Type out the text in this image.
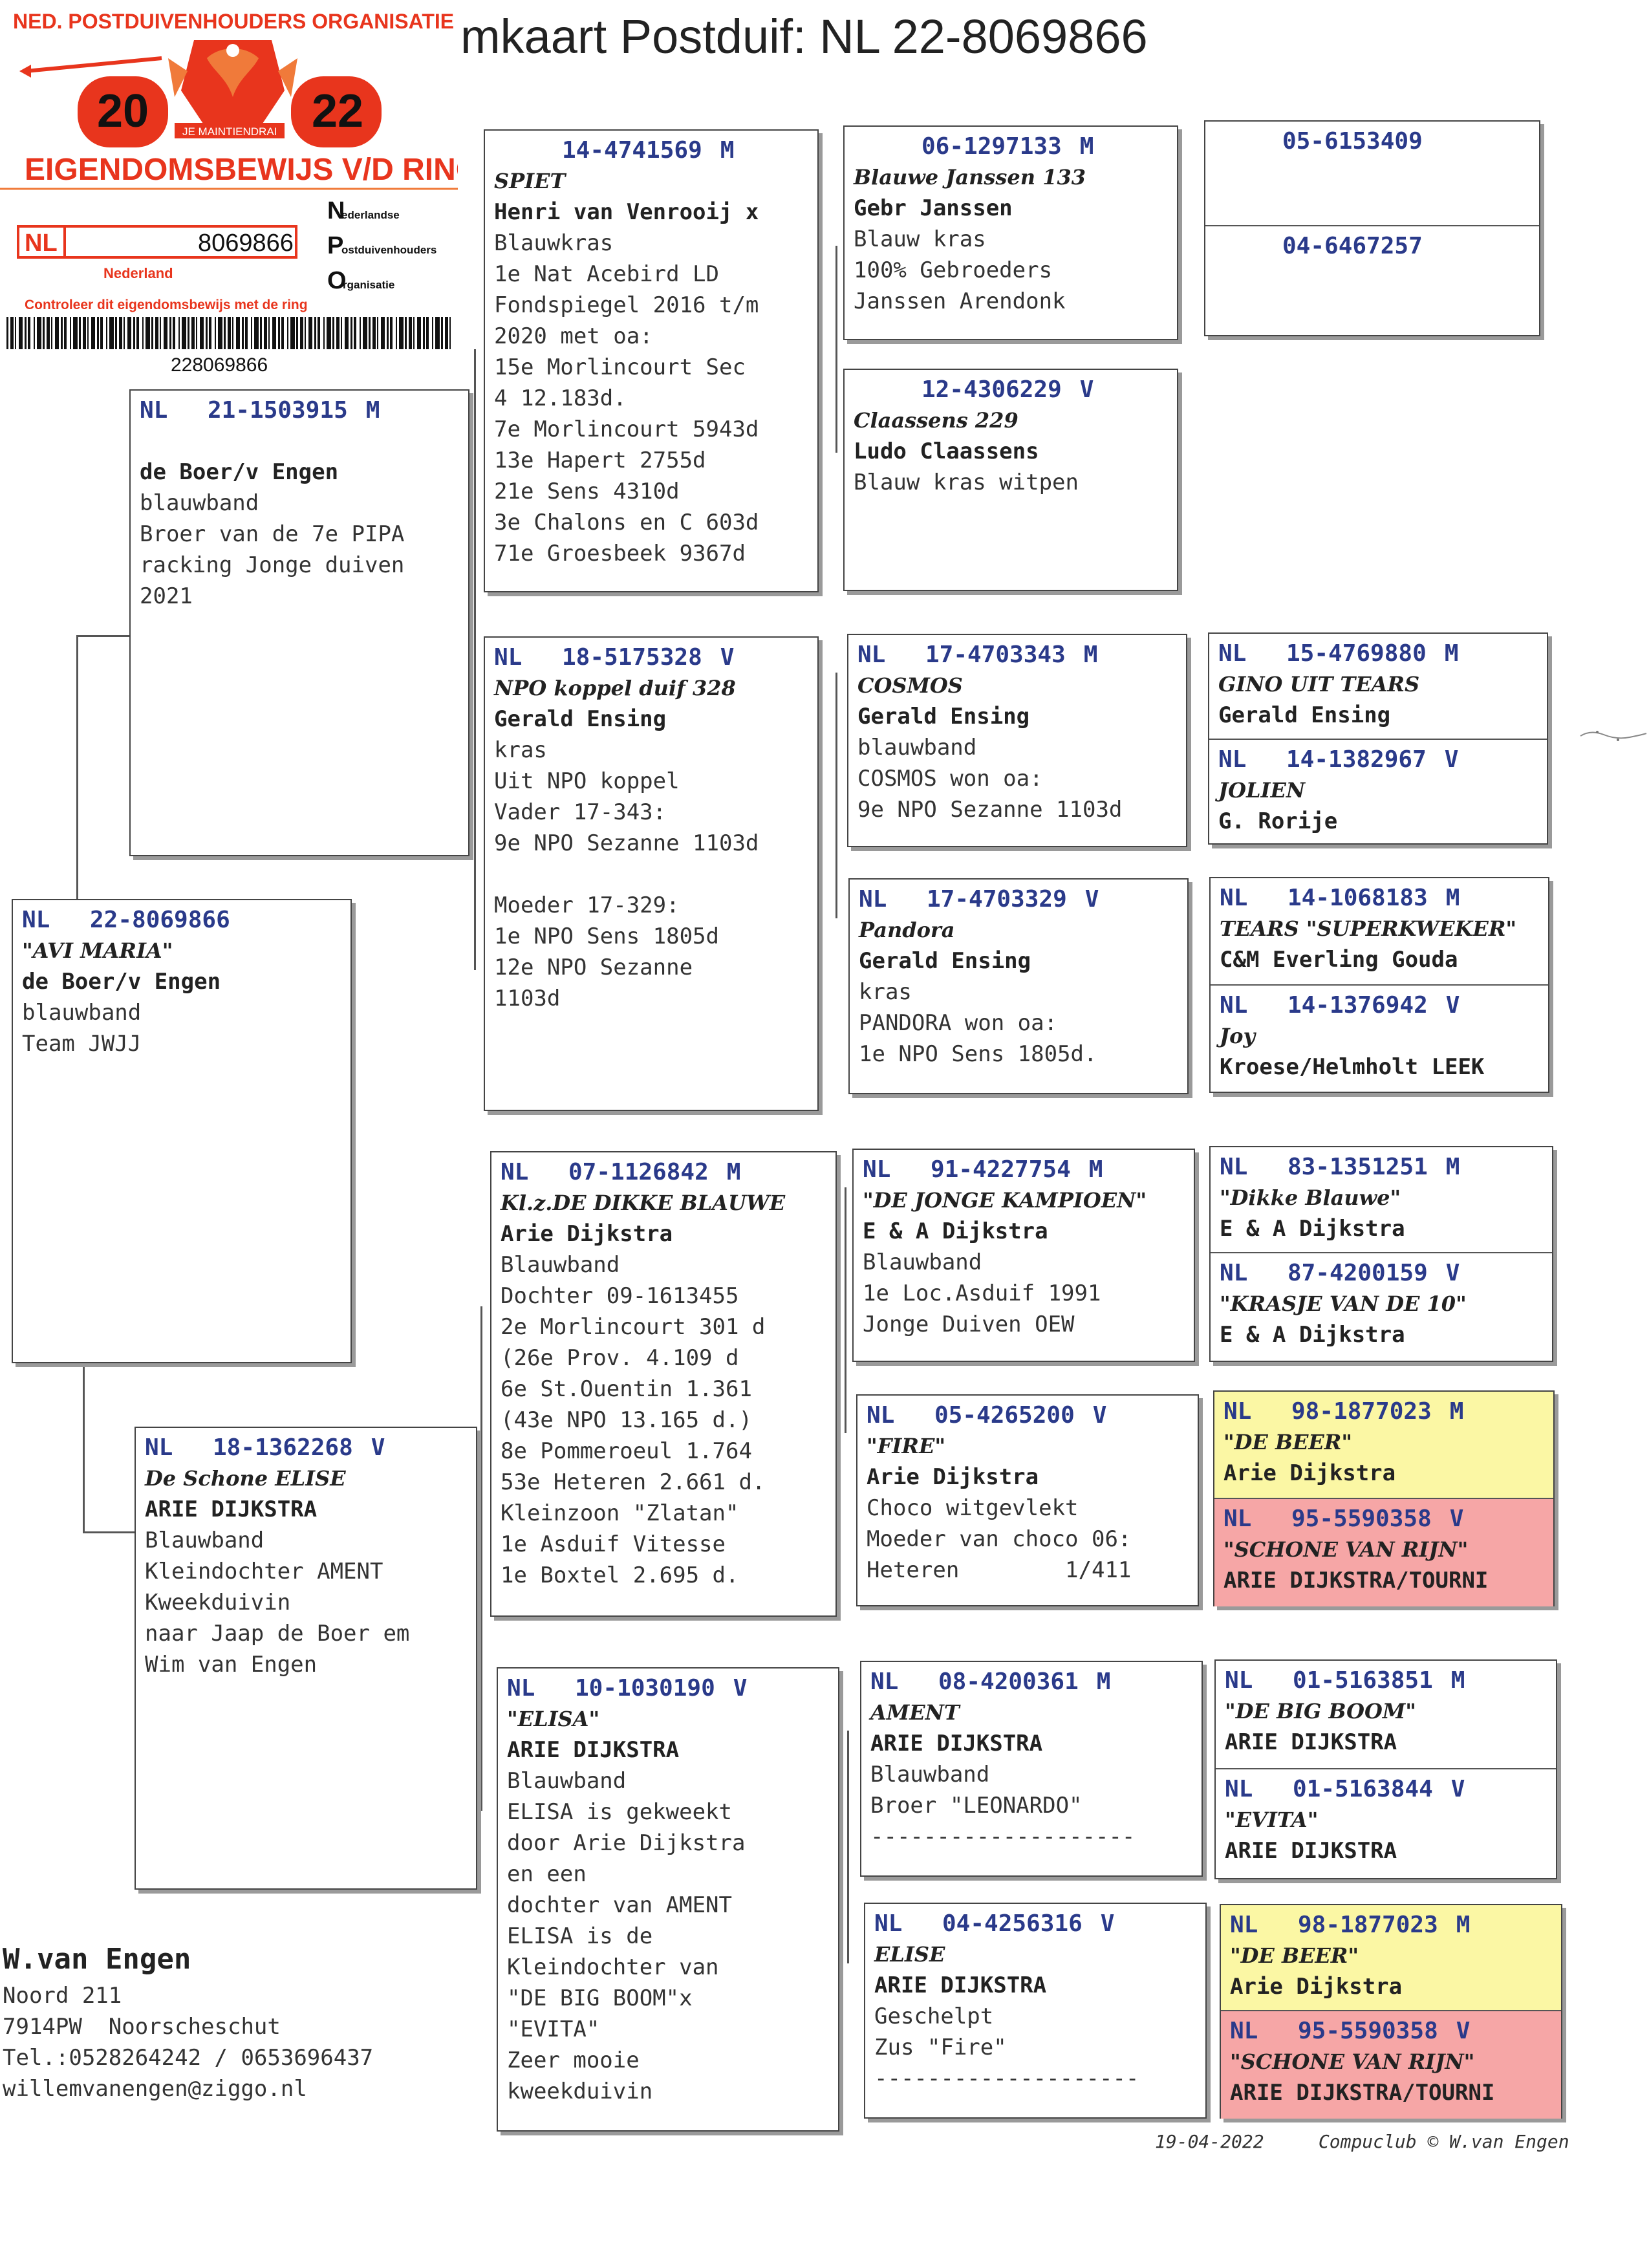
NED. POSTDUIVENHOUDERS ORGANISATIE
20	22
JE MAINTIENDRAI
EIGENDOMSBEWIJS V/D RING
NL	8069866
Nederland
N
ederlandse
P
ostduivenhouders
O
rganisatie
Controleer dit eigendomsbewijs met de ring
228069866
mkaart Postduif: NL 22-8069866
NL	22-8069866
"AVI MARIA"
de Boer/v Engen
blauwband
Team JWJJ
NL	21-1503915 M

de Boer/v Engen
blauwband
Broer van de 7e PIPA
racking Jonge duiven
2021
NL	18-1362268 V
De Schone ELISE
ARIE DIJKSTRA
Blauwband
Kleindochter AMENT
Kweekduivin
naar Jaap de Boer em
Wim van Engen
14-4741569 M
SPIET
Henri van Venrooij x
Blauwkras
1e Nat Acebird LD
Fondspiegel 2016 t/m
2020 met oa:
15e Morlincourt Sec
4 12.183d.
7e Morlincourt 5943d
13e Hapert 2755d
21e Sens 4310d
3e Chalons en C 603d
71e Groesbeek 9367d
NL	18-5175328 V
NPO koppel duif 328
Gerald Ensing
kras
Uit NPO koppel
Vader 17-343:
9e NPO Sezanne 1103d

Moeder 17-329:
1e NPO Sens 1805d
12e NPO Sezanne
1103d
NL	07-1126842 M
Kl.z.DE DIKKE BLAUWE
Arie Dijkstra
Blauwband
Dochter 09-1613455
2e Morlincourt 301 d
(26e Prov. 4.109 d
6e St.Ouentin 1.361
(43e NPO 13.165 d.)
8e Pommeroeul 1.764
53e Heteren 2.661 d.
Kleinzoon "Zlatan"
1e Asduif Vitesse
1e Boxtel 2.695 d.
NL	10-1030190 V
"ELISA"
ARIE DIJKSTRA
Blauwband
ELISA is gekweekt
door Arie Dijkstra
en een
dochter van AMENT
ELISA is de
Kleindochter van
"DE BIG BOOM"x
"EVITA"
Zeer mooie
kweekduivin
06-1297133 M
Blauwe Janssen 133
Gebr Janssen
Blauw kras
100% Gebroeders
Janssen Arendonk
12-4306229 V
Claassens 229
Ludo Claassens
Blauw kras witpen
NL	17-4703343 M
COSMOS
Gerald Ensing
blauwband
COSMOS won oa:
9e NPO Sezanne 1103d
NL	17-4703329 V
Pandora
Gerald Ensing
kras
PANDORA won oa:
1e NPO Sens 1805d.
NL	91-4227754 M
"DE JONGE KAMPIOEN"
E & A Dijkstra
Blauwband
1e Loc.Asduif 1991
Jonge Duiven OEW
NL	05-4265200 V
"FIRE"
Arie Dijkstra
Choco witgevlekt
Moeder van choco 06:
Heteren        1/411
NL	08-4200361 M
AMENT
ARIE DIJKSTRA
Blauwband
Broer "LEONARDO"
--------------------
NL	04-4256316 V
ELISE
ARIE DIJKSTRA
Geschelpt
Zus "Fire"
--------------------
05-6153409
04-6467257
NL	15-4769880 M
GINO UIT TEARS
Gerald Ensing
NL	14-1382967 V
JOLIEN
G. Rorije
NL	14-1068183 M
TEARS "SUPERKWEKER"
C&M Everling Gouda
NL	14-1376942 V
Joy
Kroese/Helmholt LEEK
NL	83-1351251 M
"Dikke Blauwe"
E & A Dijkstra
NL	87-4200159 V
"KRASJE VAN DE 10"
E & A Dijkstra
NL	98-1877023 M
"DE BEER"
Arie Dijkstra
NL	95-5590358 V
"SCHONE VAN RIJN"
ARIE DIJKSTRA/TOURNI
NL	01-5163851 M
"DE BIG BOOM"
ARIE DIJKSTRA
NL	01-5163844 V
"EVITA"
ARIE DIJKSTRA
NL	98-1877023 M
"DE BEER"
Arie Dijkstra
NL	95-5590358 V
"SCHONE VAN RIJN"
ARIE DIJKSTRA/TOURNI
W.van Engen
Noord 211
7914PW  Noorscheschut
Tel.:0528264242 / 0653696437
willemvanengen@ziggo.nl
19-04-2022	Compuclub © W.van Engen
